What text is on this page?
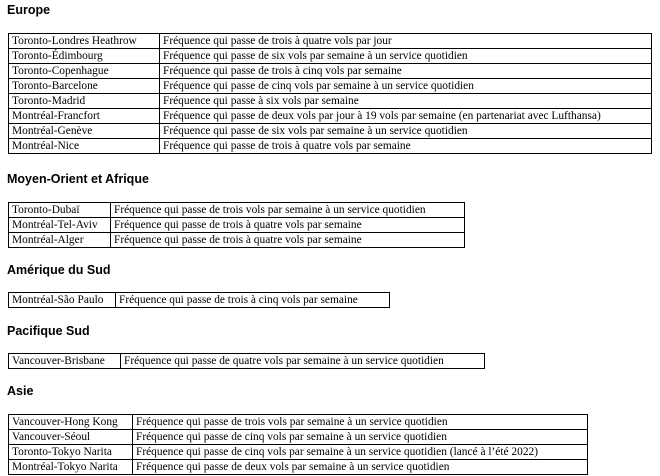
Europe
Toronto-Londres Heathrow	Fréquence qui passe de trois à quatre vols par jour
Toronto-Édimbourg	Fréquence qui passe de six vols par semaine à un service quotidien
Toronto-Copenhague	Fréquence qui passe de trois à cinq vols par semaine
Toronto-Barcelone	Fréquence qui passe de cinq vols par semaine à un service quotidien
Toronto-Madrid	Fréquence qui passe à six vols par semaine
Montréal-Francfort	Fréquence qui passe de deux vols par jour à 19 vols par semaine (en partenariat avec Lufthansa)
Montréal-Genève	Fréquence qui passe de six vols par semaine à un service quotidien
Montréal-Nice	Fréquence qui passe de trois à quatre vols par semaine
Moyen-Orient et Afrique
Toronto-Dubaï	Fréquence qui passe de trois vols par semaine à un service quotidien
Montréal-Tel-Aviv	Fréquence qui passe de trois à quatre vols par semaine
Montréal-Alger	Fréquence qui passe de trois à quatre vols par semaine
Amérique du Sud
Montréal-São Paulo	Fréquence qui passe de trois à cinq vols par semaine
Pacifique Sud
Vancouver-Brisbane	Fréquence qui passe de quatre vols par semaine à un service quotidien
Asie
Vancouver-Hong Kong	Fréquence qui passe de trois vols par semaine à un service quotidien
Vancouver-Séoul	Fréquence qui passe de cinq vols par semaine à un service quotidien
Toronto-Tokyo Narita	Fréquence qui passe de cinq vols par semaine à un service quotidien (lancé à l’été 2022)
Montréal-Tokyo Narita	Fréquence qui passe de deux vols par semaine à un service quotidien
